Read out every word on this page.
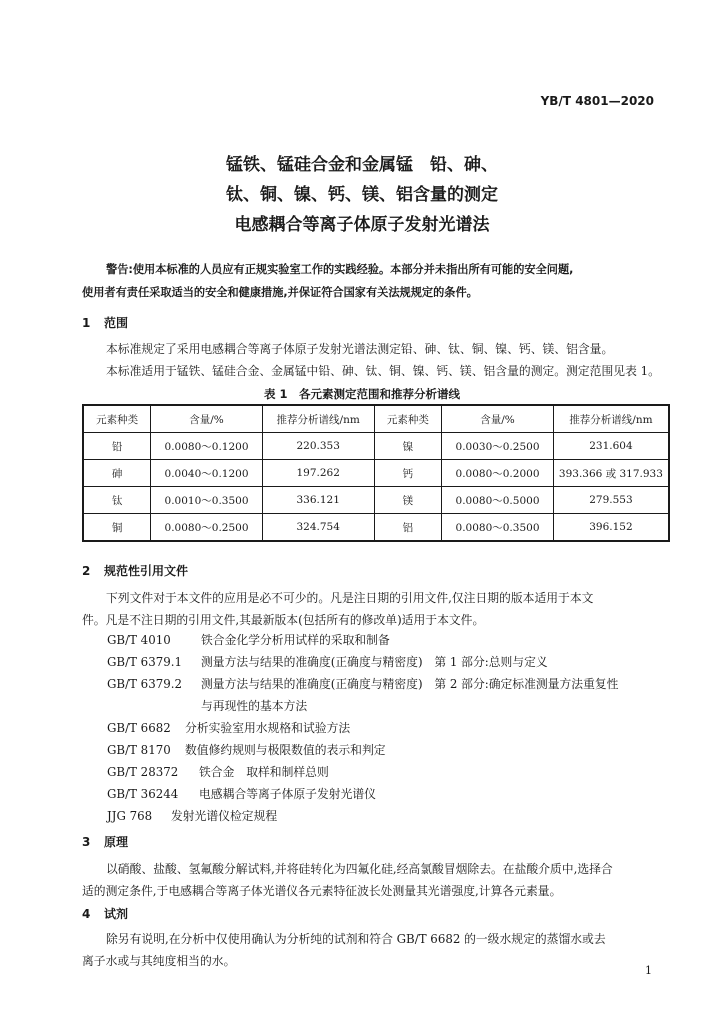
YB/T 4801—2020
锰铁、锰硅合金和金属锰　铅、砷、
钛、铜、镍、钙、镁、铝含量的测定
电感耦合等离子体原子发射光谱法
警告:使用本标准的人员应有正规实验室工作的实践经验。本部分并未指出所有可能的安全问题,
使用者有责任采取适当的安全和健康措施,并保证符合国家有关法规规定的条件。
1 范围
本标准规定了采用电感耦合等离子体原子发射光谱法测定铅、砷、钛、铜、镍、钙、镁、铝含量。
本标准适用于锰铁、锰硅合金、金属锰中铅、砷、钛、铜、镍、钙、镁、铝含量的测定。测定范围见表 1。
表 1　各元素测定范围和推荐分析谱线
元素种类	含量/%	推荐分析谱线/nm	元素种类	含量/%	推荐分析谱线/nm
铅	0.0080～0.1200	220.353	镍	0.0030～0.2500	231.604
砷	0.0040～0.1200	197.262	钙	0.0080～0.2000	393.366 或 317.933
钛	0.0010～0.3500	336.121	镁	0.0080～0.5000	279.553
铜	0.0080～0.2500	324.754	铝	0.0080～0.3500	396.152
2 规范性引用文件
下列文件对于本文件的应用是必不可少的。凡是注日期的引用文件,仅注日期的版本适用于本文
件。凡是不注日期的引用文件,其最新版本(包括所有的修改单)适用于本文件。
GB/T 4010	铁合金化学分析用试样的采取和制备
GB/T 6379.1 测量方法与结果的准确度(正确度与精密度)　第 1 部分:总则与定义
GB/T 6379.2 测量方法与结果的准确度(正确度与精密度)　第 2 部分:确定标准测量方法重复性
与再现性的基本方法
GB/T 6682 分析实验室用水规格和试验方法
GB/T 8170 数值修约规则与极限数值的表示和判定
GB/T 28372 铁合金　取样和制样总则
GB/T 36244 电感耦合等离子体原子发射光谱仪
JJG 768 发射光谱仪检定规程
3 原理
以硝酸、盐酸、氢氟酸分解试料,并将硅转化为四氟化硅,经高氯酸冒烟除去。在盐酸介质中,选择合
适的测定条件,于电感耦合等离子体光谱仪各元素特征波长处测量其光谱强度,计算各元素量。
4 试剂
除另有说明,在分析中仅使用确认为分析纯的试剂和符合 GB/T 6682 的一级水规定的蒸馏水或去
离子水或与其纯度相当的水。
1
